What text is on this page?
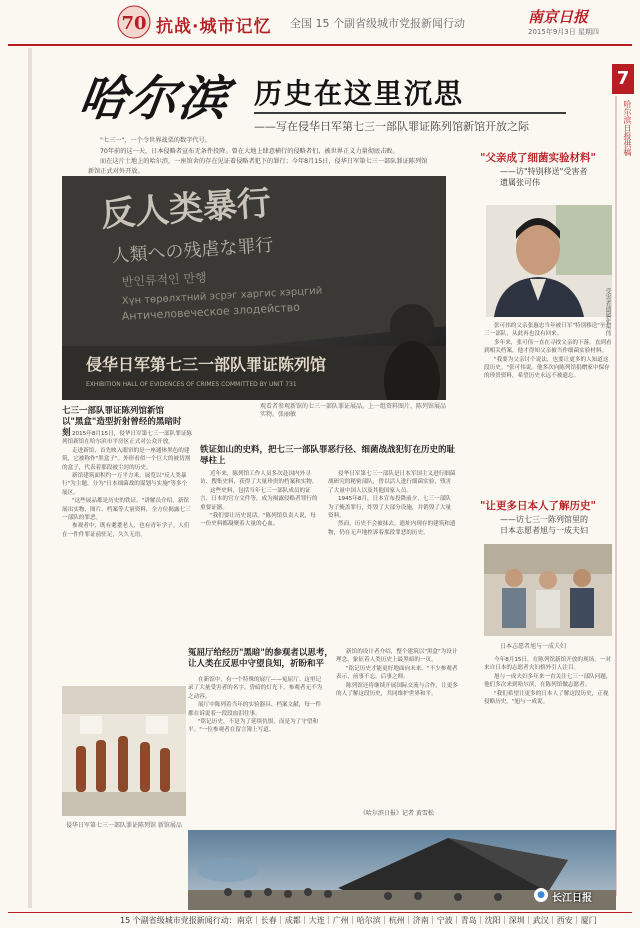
70 抗战·城市记忆 全国 15 个副省级城市党报新闻行动	南京日报
2015年9月3日 星期四
7
哈尔滨日报供稿
哈尔滨 历史在这里沉思
——写在侵华日军第七三一部队罪证陈列馆新馆开放之际

"七三一"，一个令世界战栗的数字代号。

70年前的这一天，日本侵略者宣布无条件投降。曾在大地上肆意横行的侵略者们，被世界正义力量彻底击败。

而在这片土地上的哈尔滨，一座馆舍的存在见证着侵略者犯下的罪行；今年8月15日，侵华日军第七三一部队罪证陈列馆新馆正式对外开放。

反人类暴行
人類への残虐な罪行
반인류적인 만행
Хүн төрөлхтний эсрэг харгис хэрцгий
Античеловеческое злодейство
侵华日军第七三一部队罪证陈列馆
EXHIBITION HALL OF EVIDENCES OF CRIMES COMMITTED BY UNIT 731
观看者参观新馆的七三一部队罪证展品。上一组资料图片、陈列馆展品实物。张丽敏
七三一部队罪证陈列馆新馆以"黑盒"造型折射曾经的黑暗时刻 2015年8月15日，侵华日军第七三一部队罪证陈列馆新馆在哈尔滨市平房区正式对公众开放。

走进新馆，首先映入眼帘的是一座通体黑色的建筑，它被称作"黑盒子"。外形看似一个巨大的被切割的盒子，代表着那段被尘封的历史。

新馆建筑面积约一万平方米，展览以"反人类暴行"为主题，分为"日本细菌战的谋划与实施"等多个展区。

"这些展品都是历史的铁证。"讲解员介绍，新馆展出实物、图片、档案等大量资料，全方位揭露七三一部队的罪恶。

参观者中，既有耄耋老人，也有青年学子。人们在一件件罪证前驻足，久久无语。

铁证如山的史料，把七三一部队罪恶行径、细菌战战犯钉在历史的耻辱柱上

近年来，陈列馆工作人员多次赴国内外寻访、搜集史料，获得了大量珍贵的档案和实物。

这些史料，包括当年七三一部队成员的证言、日本的官方文件等，成为揭露侵略者罪行的重要证据。

"我们要让历史说话。"陈列馆负责人说，每一份史料都凝聚着大量的心血。

侵华日军第七三一部队是日本军国主义进行细菌战研究的秘密部队，曾以活人进行细菌实验，残害了大量中国人以及其他国家人员。

1945年8月，日本宣布投降前夕，七三一部队为了掩盖罪行，炸毁了大部分设施，并销毁了大量资料。

然而，历史不会被抹去。遗址内现存的建筑和遗物，仍在无声地控诉着那段罪恶的历史。

冤屈厅给经历"黑暗"的参观者以思考，让人类在反思中守望良知，祈盼和平

在新馆中，有一个特殊的展厅——冤屈厅。这里记录了大量受害者的名字，昏暗的灯光下，参观者无不为之动容。

展厅中陈列着当年的实验器具、档案文献，每一件都在诉说着一段段血泪往事。

"铭记历史，不是为了延续仇恨，而是为了守望和平。"一位参观者在留言簿上写道。

新馆的设计者介绍，整个建筑以"黑盒"为设计理念，象征着人类历史上最黑暗的一页。

"铭记历史才能更好地面向未来。"不少参观者表示，前事不忘，后事之师。

陈列馆还将继续开展国际交流与合作，让更多的人了解这段历史，共同维护世界和平。

《哈尔滨日报》记者 黄雪松
侵华日军第七三一部队罪证陈列馆 新馆展品
"父亲成了细菌实验材料"
——访"特别移送"受害者
遗属张可伟
受害者遗属张可伟

张可伟的父亲张惠忠当年被日军"特别移送"至七三一部队，从此再也没有回来。

多年来，张可伟一直在寻找父亲的下落。直到看到相关档案，他才得知父亲被当作细菌实验材料。

"我要为父亲讨个说法，也要让更多的人知道这段历史。"张可伟说。他多次向陈列馆捐赠家中保存的珍贵资料，希望历史永远不被遗忘。

"让更多日本人了解历史"
——访七三一陈列馆里的
日本志愿者旭与一成夫妇
日本志愿者旭与一成夫妇

今年8月15日，在陈列馆新馆开放的现场，一对来自日本的志愿者夫妇格外引人注目。

旭与一成夫妇多年来一直关注七三一部队问题，他们多次来到哈尔滨，在陈列馆做志愿者。

"我们希望让更多的日本人了解这段历史，正视侵略历史。"旭与一成说。

15 个副省级城市党报新闻行动：南京｜长春｜成都｜大连｜广州｜哈尔滨｜杭州｜济南｜宁波｜青岛｜沈阳｜深圳｜武汉｜西安｜厦门
● 长江日报
